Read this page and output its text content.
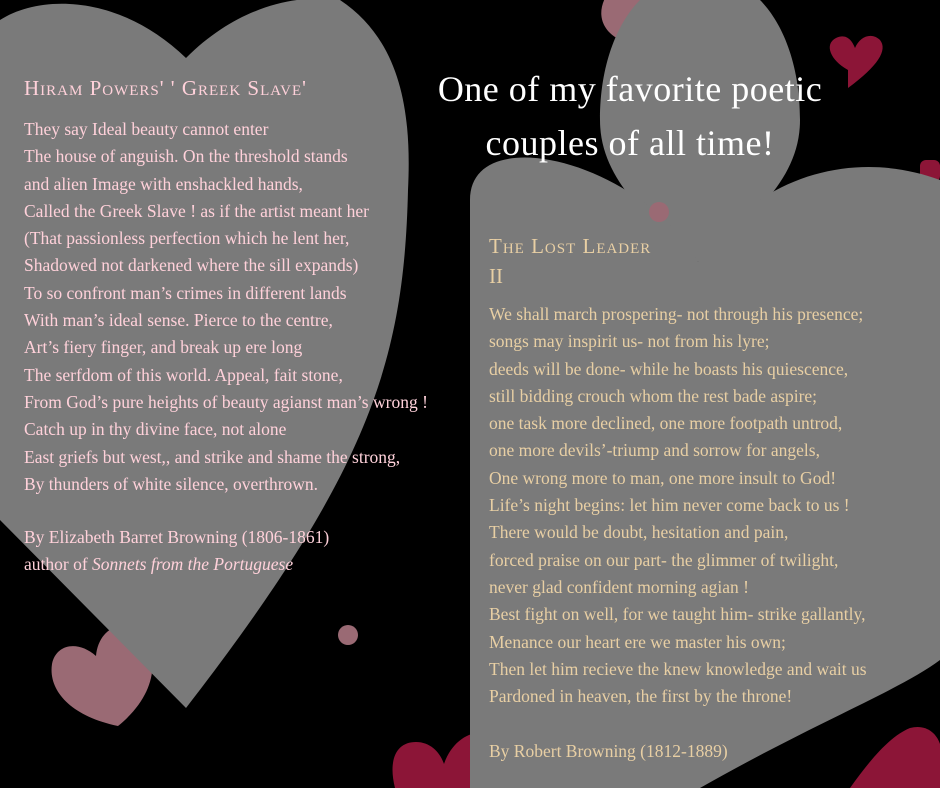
One of my favorite poetic couples of all time!
Hiram Powers' ' Greek Slave'
They say Ideal beauty cannot enter
The house of anguish. On the threshold stands
and alien Image with enshackled hands,
Called the Greek Slave ! as if the artist meant her
(That passionless perfection which he lent her,
Shadowed not darkened where the sill expands)
To so confront man’s crimes in different lands
With man’s ideal sense. Pierce to the centre,
Art’s fiery finger, and break up ere long
The serfdom of this world. Appeal, fait stone,
From God’s pure heights of beauty agianst man’s wrong !
Catch up in thy divine face, not alone
East griefs but west,, and strike and shame the strong,
By thunders of white silence, overthrown.
By Elizabeth Barret Browning (1806-1861)
author of Sonnets from the Portuguese
The Lost Leader
II
We shall march prospering- not through his presence;
songs may inspirit us- not from his lyre;
deeds will be done- while he boasts his quiescence,
still bidding crouch whom the rest bade aspire;
one task more declined, one more footpath untrod,
one more devils’-triump and sorrow for angels,
One wrong more to man, one more insult to God!
Life’s night begins: let him never come back to us !
There would be doubt, hesitation and pain,
forced praise on our part- the glimmer of twilight,
never glad confident morning agian !
Best fight on well, for we taught him- strike gallantly,
Menance our heart ere we master his own;
Then let him recieve the knew knowledge and wait us
Pardoned in heaven, the first by the throne!
By Robert Browning (1812-1889)
